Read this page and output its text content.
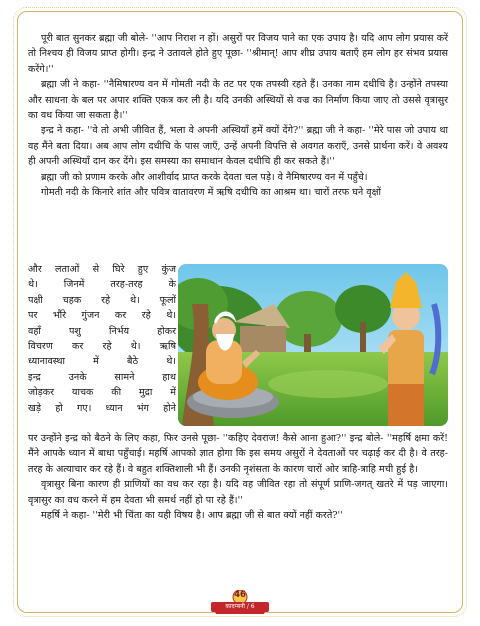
पूरी बात सुनकर ब्रह्मा जी बोले- ''आप निराश न हों। असुरों पर विजय पाने का एक उपाय है। यदि आप लोग प्रयास करें तो निश्चय ही विजय प्राप्त होगी। इन्द्र ने उतावले होते हुए पूछा- ''श्रीमान्! आप शीघ्र उपाय बताएँ हम लोग हर संभव प्रयास करेंगे।''

ब्रह्मा जी ने कहा- ''नैमिषारण्य वन में गोमती नदी के तट पर एक तपस्वी रहते हैं। उनका नाम दधीचि है। उन्होंने तपस्या और साधना के बल पर अपार शक्ति एकत्र कर ली है। यदि उनकी अस्थियों से वज्र का निर्माण किया जाए तो उससे वृत्रासुर का वध किया जा सकता है।''

इन्द्र ने कहा- ''वे तो अभी जीवित हैं, भला वे अपनी अस्थियाँ हमें क्यों देंगे?'' ब्रह्मा जी ने कहा- ''मेरे पास जो उपाय था वह मैंने बता दिया। अब आप लोग दधीचि के पास जाएँ, उन्हें अपनी विपत्ति से अवगत कराएँ, उनसे प्रार्थना करें। वे अवश्य ही अपनी अस्थियाँ दान कर देंगे। इस समस्या का समाधान केवल दधीचि ही कर सकते हैं।''

ब्रह्मा जी को प्रणाम करके और आशीर्वाद प्राप्त करके देवता चल पड़े। वे नैमिषारण्य वन में पहुँचे।

गोमती नदी के किनारे शांत और पवित्र वातावरण में ऋषि दधीचि का आश्रम था। चारों तरफ घने वृक्षों

और लताओं से घिरे हुए कुंज
थे। जिनमें तरह-तरह के
पक्षी चहक रहे थे। फूलों
पर भौंरे गुंजन कर रहे थे।
वहाँ पशु निर्भय होकर
विचरण कर रहे थे। ऋषि
ध्यानावस्था में बैठे थे।
इन्द्र उनके सामने हाथ
जोड़कर याचक की मुद्रा में
खड़े हो गए। ध्यान भंग होने

पर उन्होंने इन्द्र को बैठने के लिए कहा, फिर उनसे पूछा- ''कहिए देवराज! कैसे आना हुआ?'' इन्द्र बोले- ''महर्षि क्षमा करें! मैंने आपके ध्यान में बाधा पहुँचाई। महर्षि आपको ज्ञात होगा कि इस समय असुरों ने देवताओं पर चढ़ाई कर दी है। वे तरह-तरह के अत्याचार कर रहे हैं। वे बहुत शक्तिशाली भी हैं। उनकी नृशंसता के कारण चारों ओर त्राहि-त्राहि मची हुई है।

वृत्रासुर बिना कारण ही प्राणियों का वध कर रहा है। यदि वह जीवित रहा तो संपूर्ण प्राणि-जगत् खतरे में पड़ जाएगा। वृत्रासुर का वध करने में हम देवता भी समर्थ नहीं हो पा रहे हैं।''

महर्षि ने कहा- ''मेरी भी चिंता का यही विषय है। आप ब्रह्मा जी से बात क्यों नहीं करते?''

46
कादम्बनी / 6
